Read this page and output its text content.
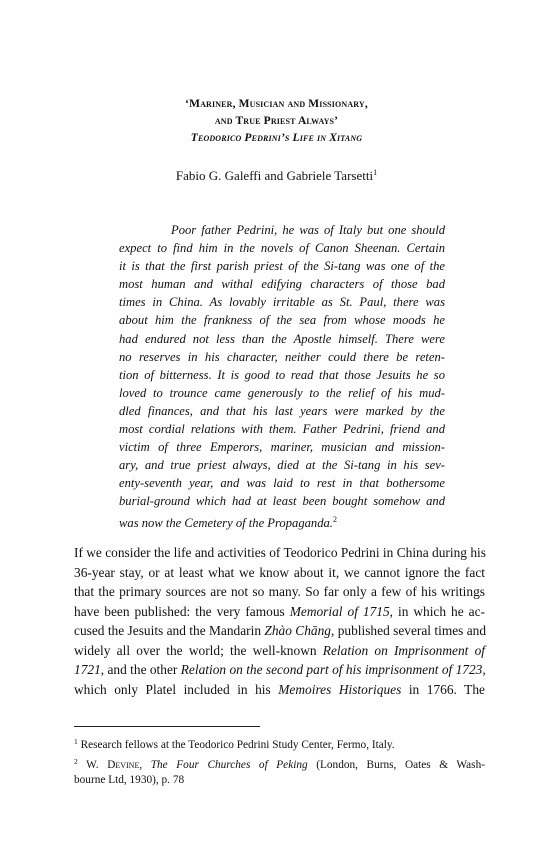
‘Mariner, Musician and Missionary,
and True Priest Always’
Teodorico Pedrini’s Life in Xitang
Fabio G. Galeffi and Gabriele Tarsetti$^1$
Poor father Pedrini, he was of Italy but one should
expect to find him in the novels of Canon Sheenan. Certain
it is that the first parish priest of the Si-tang was one of the
most human and withal edifying characters of those bad
times in China. As lovably irritable as St. Paul, there was
about him the frankness of the sea from whose moods he
had endured not less than the Apostle himself. There were
no reserves in his character, neither could there be reten-
tion of bitterness. It is good to read that those Jesuits he so
loved to trounce came generously to the relief of his mud-
dled finances, and that his last years were marked by the
most cordial relations with them. Father Pedrini, friend and
victim of three Emperors, mariner, musician and mission-
ary, and true priest always, died at the Si-tang in his sev-
enty-seventh year, and was laid to rest in that bothersome
burial-ground which had at least been bought somehow and
was now the Cemetery of the Propaganda.$^2$
If we consider the life and activities of Teodorico Pedrini in China during his
36-year stay, or at least what we know about it, we cannot ignore the fact
that the primary sources are not so many. So far only a few of his writings
have been published: the very famous Memorial of 1715, in which he ac-
cused the Jesuits and the Mandarin Zhào Chāng, published several times and
widely all over the world; the well-known Relation on Imprisonment of
1721, and the other Relation on the second part of his imprisonment of 1723,
which only Platel included in his Memoires Historiques in 1766. The
$^1$ Research fellows at the Teodorico Pedrini Study Center, Fermo, Italy.
$^2$ W. Devine, The Four Churches of Peking (London, Burns, Oates & Wash-
bourne Ltd, 1930), p. 78
